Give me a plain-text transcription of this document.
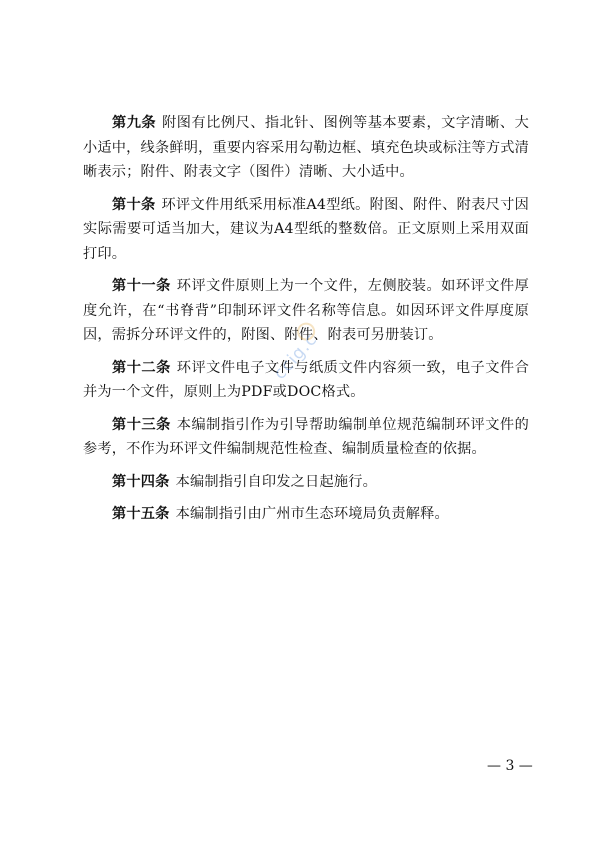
第九条 附图有比例尺、指北针、图例等基本要素，文字清晰、大小适中，线条鲜明，重要内容采用勾勒边框、填充色块或标注等方式清晰表示；附件、附表文字（图件）清晰、大小适中。

第十条 环评文件用纸采用标准A4型纸。附图、附件、附表尺寸因实际需要可适当加大，建议为A4型纸的整数倍。正文原则上采用双面打印。

第十一条 环评文件原则上为一个文件，左侧胶装。如环评文件厚度允许，在“书脊背”印制环评文件名称等信息。如因环评文件厚度原因，需拆分环评文件的，附图、附件、附表可另册装订。

第十二条 环评文件电子文件与纸质文件内容须一致，电子文件合并为一个文件，原则上为PDF或DOC格式。

第十三条 本编制指引作为引导帮助编制单位规范编制环评文件的参考，不作为环评文件编制规范性检查、编制质量检查的依据。

第十四条 本编制指引自印发之日起施行。

第十五条 本编制指引由广州市生态环境局负责解释。

ccig.c
— 3 —
